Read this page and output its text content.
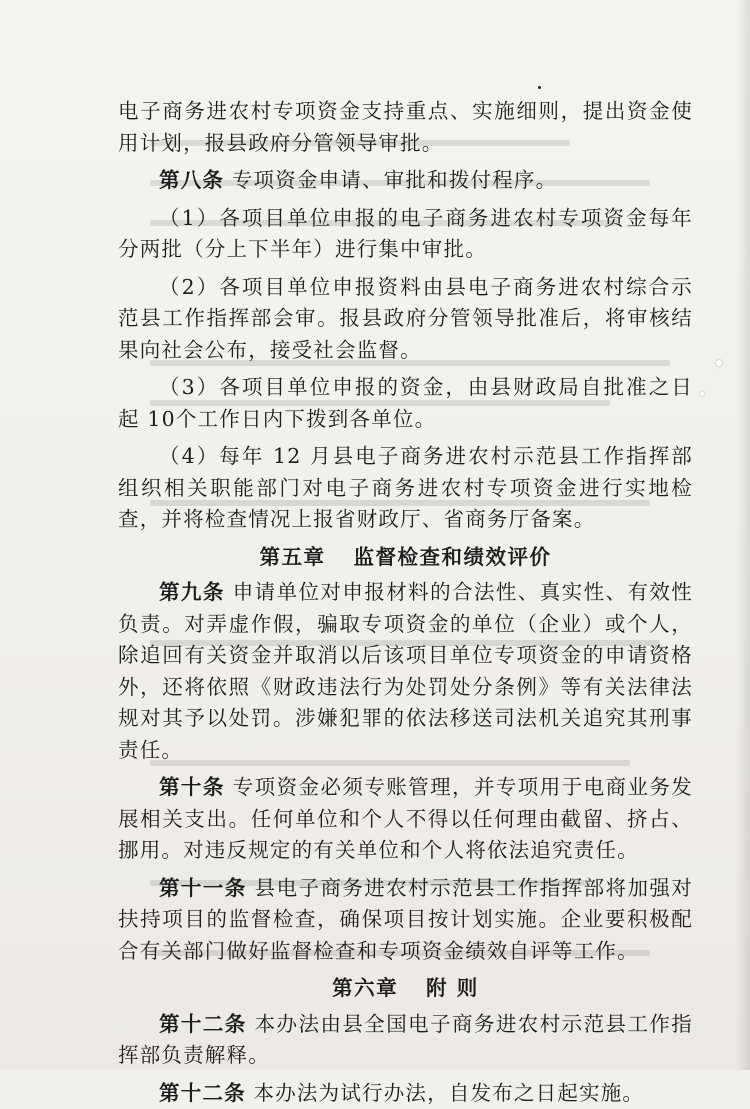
电子商务进农村专项资金支持重点、实施细则，提出资金使用计划，报县政府分管领导审批。

第八条 专项资金申请、审批和拨付程序。

（1）各项目单位申报的电子商务进农村专项资金每年分两批（分上下半年）进行集中审批。

（2）各项目单位申报资料由县电子商务进农村综合示范县工作指挥部会审。报县政府分管领导批准后，将审核结果向社会公布，接受社会监督。

（3）各项目单位申报的资金，由县财政局自批准之日起 10个工作日内下拨到各单位。

（4）每年 12 月县电子商务进农村示范县工作指挥部组织相关职能部门对电子商务进农村专项资金进行实地检查，并将检查情况上报省财政厅、省商务厅备案。

第五章 监督检查和绩效评价

第九条 申请单位对申报材料的合法性、真实性、有效性负责。对弄虚作假，骗取专项资金的单位（企业）或个人，除追回有关资金并取消以后该项目单位专项资金的申请资格外，还将依照《财政违法行为处罚处分条例》等有关法律法规对其予以处罚。涉嫌犯罪的依法移送司法机关追究其刑事责任。

第十条 专项资金必须专账管理，并专项用于电商业务发展相关支出。任何单位和个人不得以任何理由截留、挤占、挪用。对违反规定的有关单位和个人将依法追究责任。

第十一条 县电子商务进农村示范县工作指挥部将加强对扶持项目的监督检查，确保项目按计划实施。企业要积极配合有关部门做好监督检查和专项资金绩效自评等工作。

第六章 附 则

第十二条 本办法由县全国电子商务进农村示范县工作指挥部负责解释。

第十二条 本办法为试行办法，自发布之日起实施。
